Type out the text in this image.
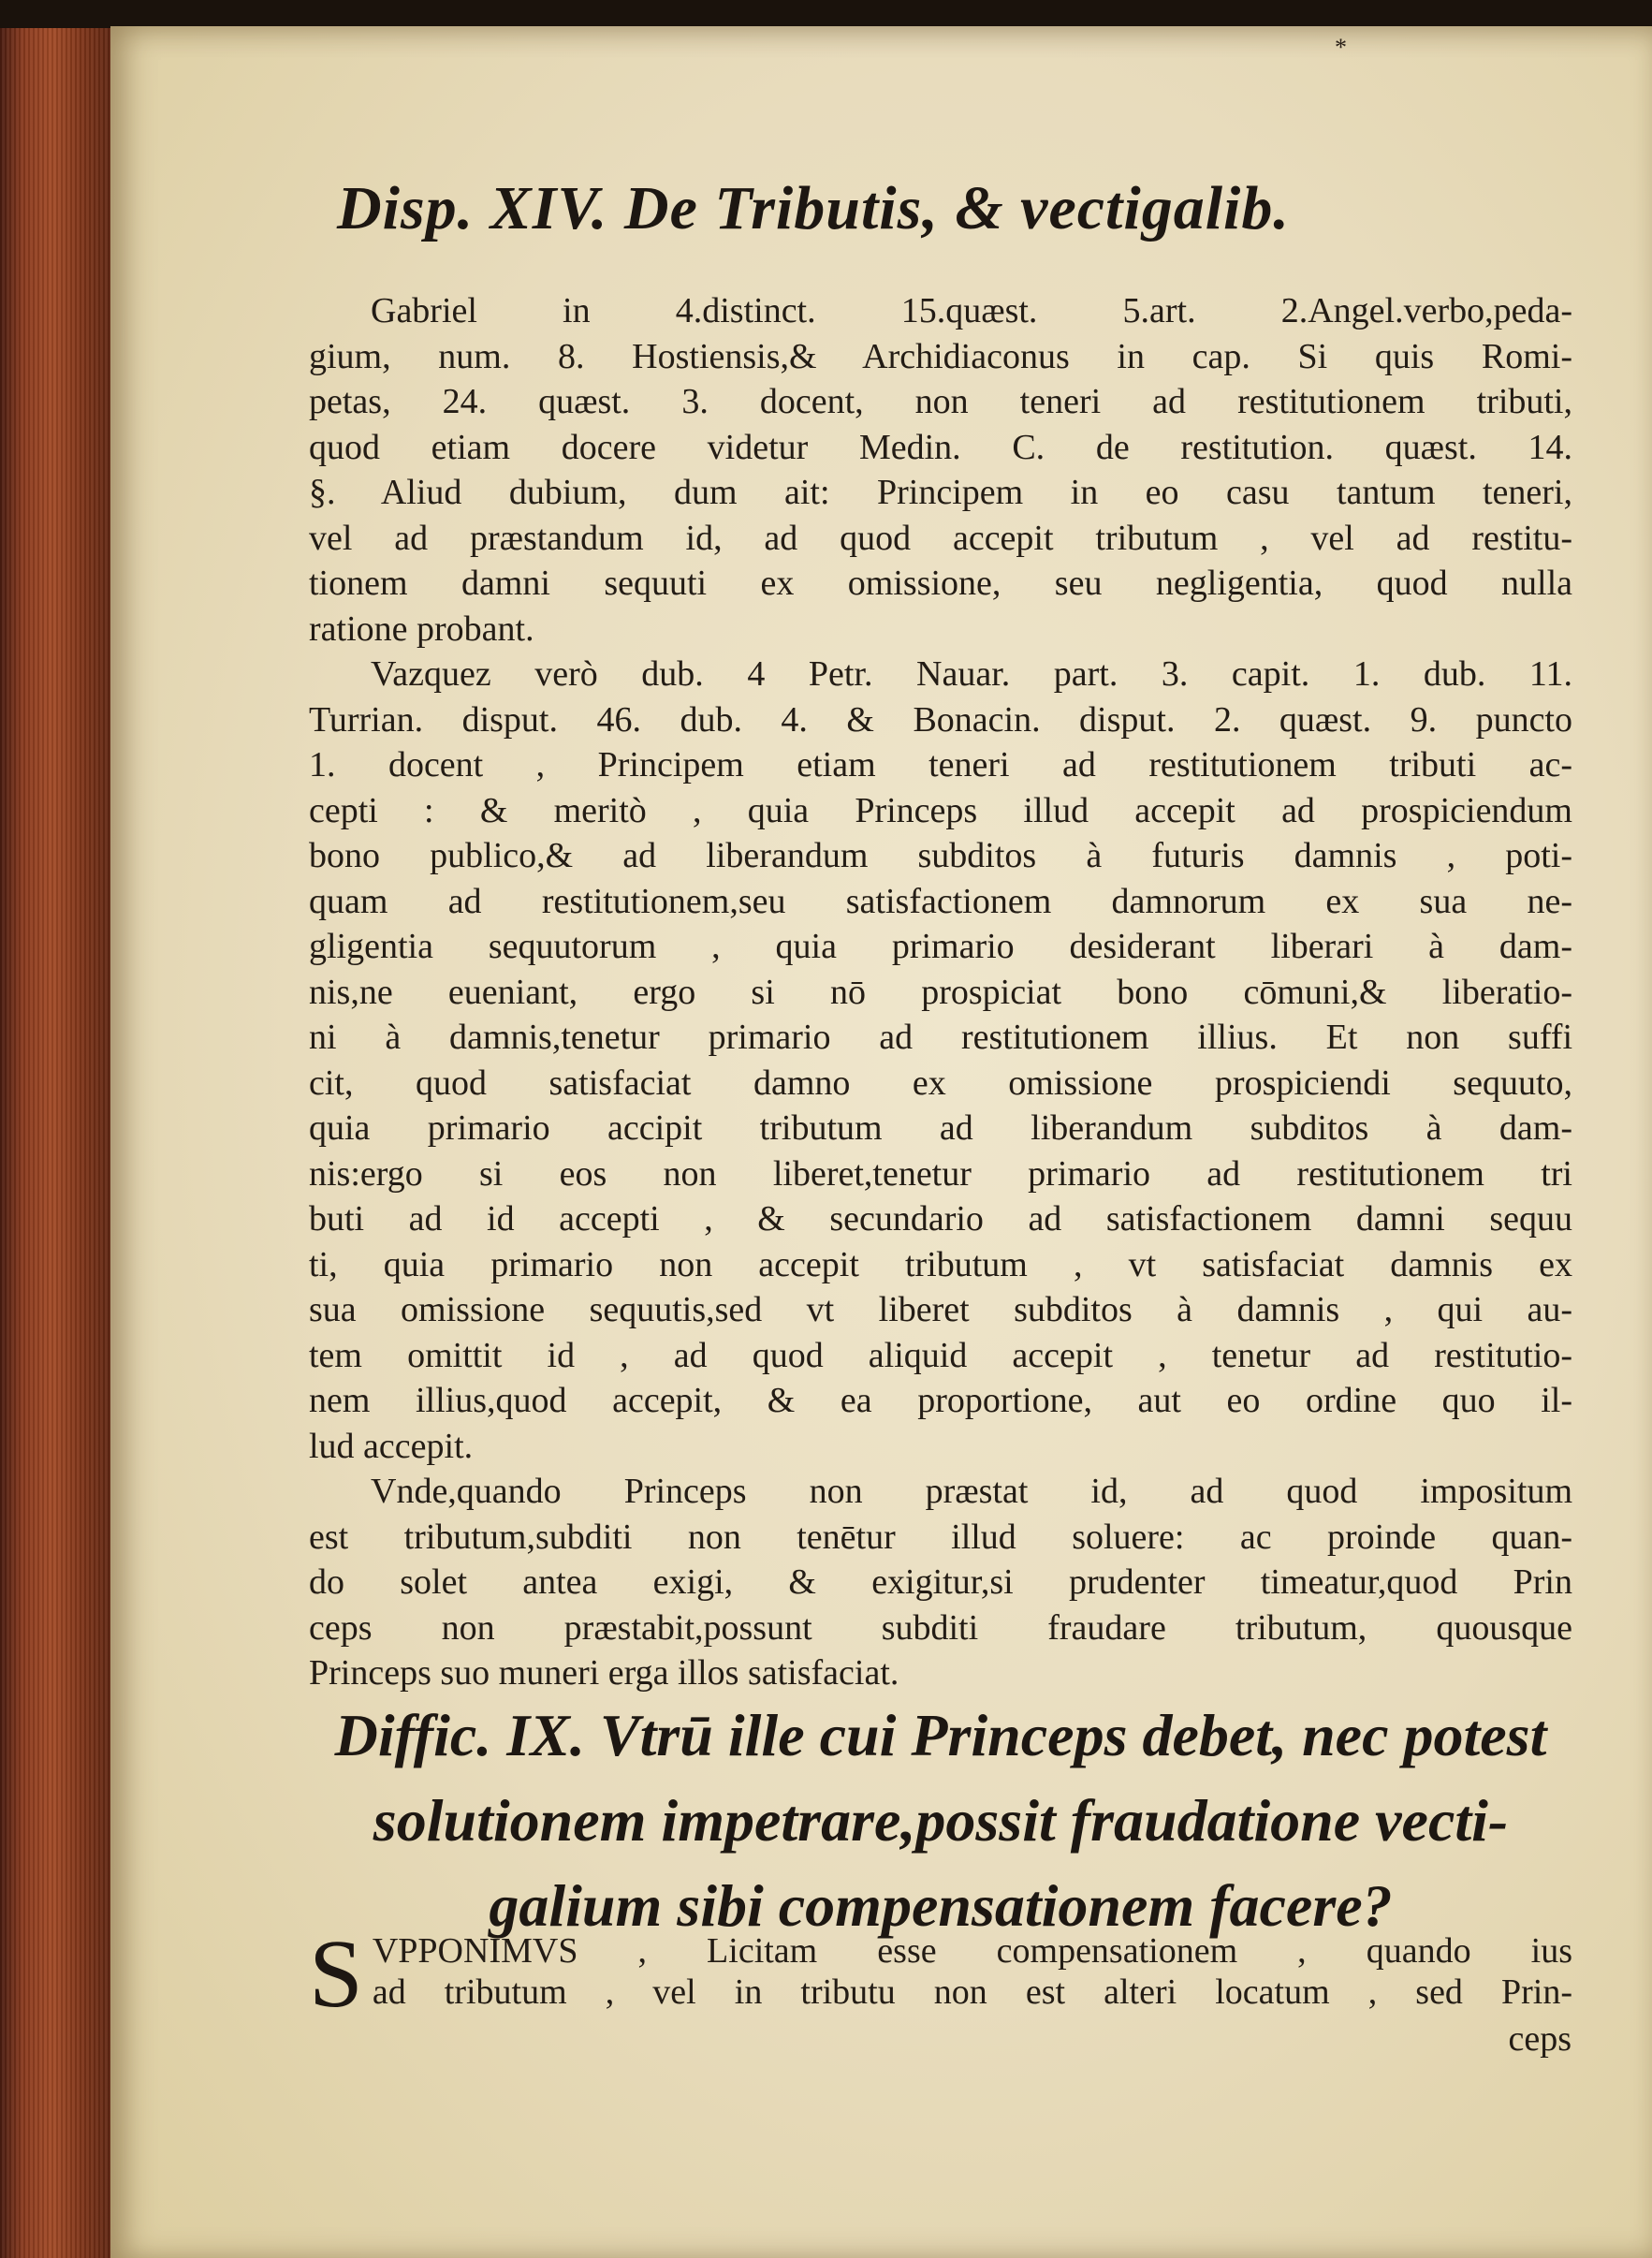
*
Disp. XIV. De Tributis, & vectigalib.

Gabriel in 4.distinct. 15.quæst. 5.art. 2.Angel.verbo,peda-

gium, num. 8. Hostiensis,& Archidiaconus in cap. Si quis Romi-

petas, 24. quæst. 3. docent, non teneri ad restitutionem tributi,

quod etiam docere videtur Medin. C. de restitution. quæst. 14.

§. Aliud dubium, dum ait: Principem in eo casu tantum teneri,

vel ad præstandum id, ad quod accepit tributum , vel ad restitu-

tionem damni sequuti ex omissione, seu negligentia, quod nulla

ratione probant.

Vazquez verò dub. 4 Petr. Nauar. part. 3. capit. 1. dub. 11.

Turrian. disput. 46. dub. 4. & Bonacin. disput. 2. quæst. 9. puncto

1. docent , Principem etiam teneri ad restitutionem tributi ac-

cepti : & meritò , quia Princeps illud accepit ad prospiciendum

bono publico,& ad liberandum subditos à futuris damnis , poti-

quam ad restitutionem,seu satisfactionem damnorum ex sua ne-

gligentia sequutorum , quia primario desiderant liberari à dam-

nis,ne eueniant, ergo si nō prospiciat bono cōmuni,& liberatio-

ni à damnis,tenetur primario ad restitutionem illius. Et non suffi

cit, quod satisfaciat damno ex omissione prospiciendi sequuto,

quia primario accipit tributum ad liberandum subditos à dam-

nis:ergo si eos non liberet,tenetur primario ad restitutionem tri

buti ad id accepti , & secundario ad satisfactionem damni sequu

ti, quia primario non accepit tributum , vt satisfaciat damnis ex

sua omissione sequutis,sed vt liberet subditos à damnis , qui au-

tem omittit id , ad quod aliquid accepit , tenetur ad restitutio-

nem illius,quod accepit, & ea proportione, aut eo ordine quo il-

lud accepit.

Vnde,quando Princeps non præstat id, ad quod impositum

est tributum,subditi non tenētur illud soluere: ac proinde quan-

do solet antea exigi, & exigitur,si prudenter timeatur,quod Prin

ceps non præstabit,possunt subditi fraudare tributum, quousque

Princeps suo muneri erga illos satisfaciat.

Diffic. IX. Vtrū ille cui Princeps debet, nec potest
solutionem impetrare,possit fraudatione vecti-
galium sibi compensationem facere?
S VPPONIMVS , Licitam esse compensationem , quando ius

ad tributum , vel in tributu non est alteri locatum , sed Prin-

ceps
